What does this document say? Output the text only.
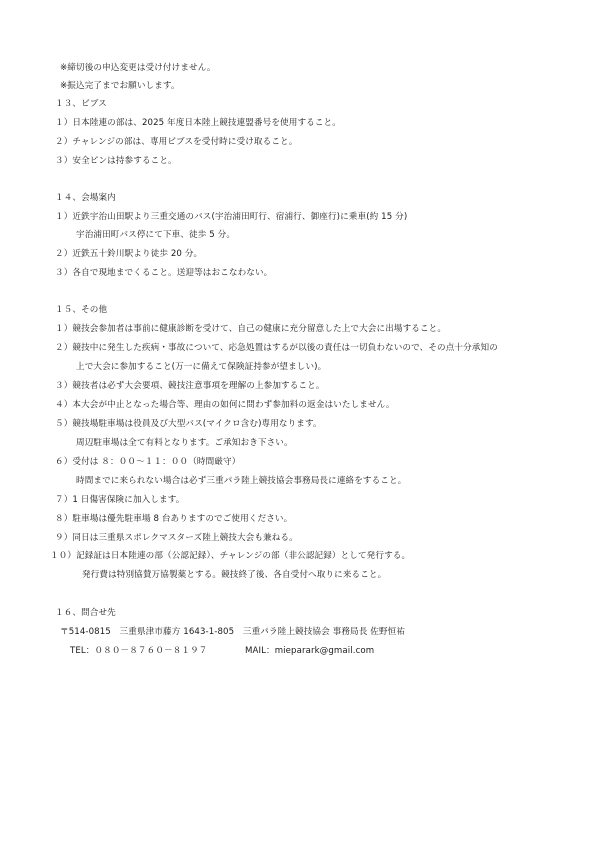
※締切後の申込変更は受け付けません。
※振込完了までお願いします。
１３、ビブス
１）日本陸連の部は、2025 年度日本陸上競技連盟番号を使用すること。
２）チャレンジの部は、専用ビブスを受付時に受け取ること。
３）安全ピンは持参すること。
１４、会場案内
１）近鉄宇治山田駅より三重交通のバス(宇治浦田町行、宿浦行、御座行)に乗車(約 15 分)
宇治浦田町バス停にて下車、徒歩 5 分。
２）近鉄五十鈴川駅より徒歩 20 分。
３）各自で現地までくること。送迎等はおこなわない。
１５、その他
１）競技会参加者は事前に健康診断を受けて、自己の健康に充分留意した上で大会に出場すること。
２）競技中に発生した疾病・事故について、応急処置はするが以後の責任は一切負わないので、その点十分承知の
上で大会に参加すること(万一に備えて保険証持参が望ましい)。
３）競技者は必ず大会要項、競技注意事項を理解の上参加すること。
４）本大会が中止となった場合等、理由の如何に問わず参加料の返金はいたしません。
５）競技場駐車場は役員及び大型バス(マイクロ含む)専用なります。
周辺駐車場は全て有料となります。ご承知おき下さい。
６）受付は ８：００～１１：００（時間厳守）
時間までに来られない場合は必ず三重パラ陸上競技協会事務局長に連絡をすること。
７）1 日傷害保険に加入します。
８）駐車場は優先駐車場 8 台ありますのでご使用ください。
９）同日は三重県スポレクマスターズ陸上競技大会も兼ねる。
１０）記録証は日本陸連の部（公認記録）、チャレンジの部（非公認記録）として発行する。
発行費は特別協賛万協製薬とする。競技終了後、各自受付へ取りに来ること。
１６、問合せ先
〒514-0815　三重県津市藤方 1643-1-805　三重パラ陸上競技協会 事務局長 佐野恒祐
TEL：０８０－８７６０－８１９７	MAIL：mieparark@gmail.com
